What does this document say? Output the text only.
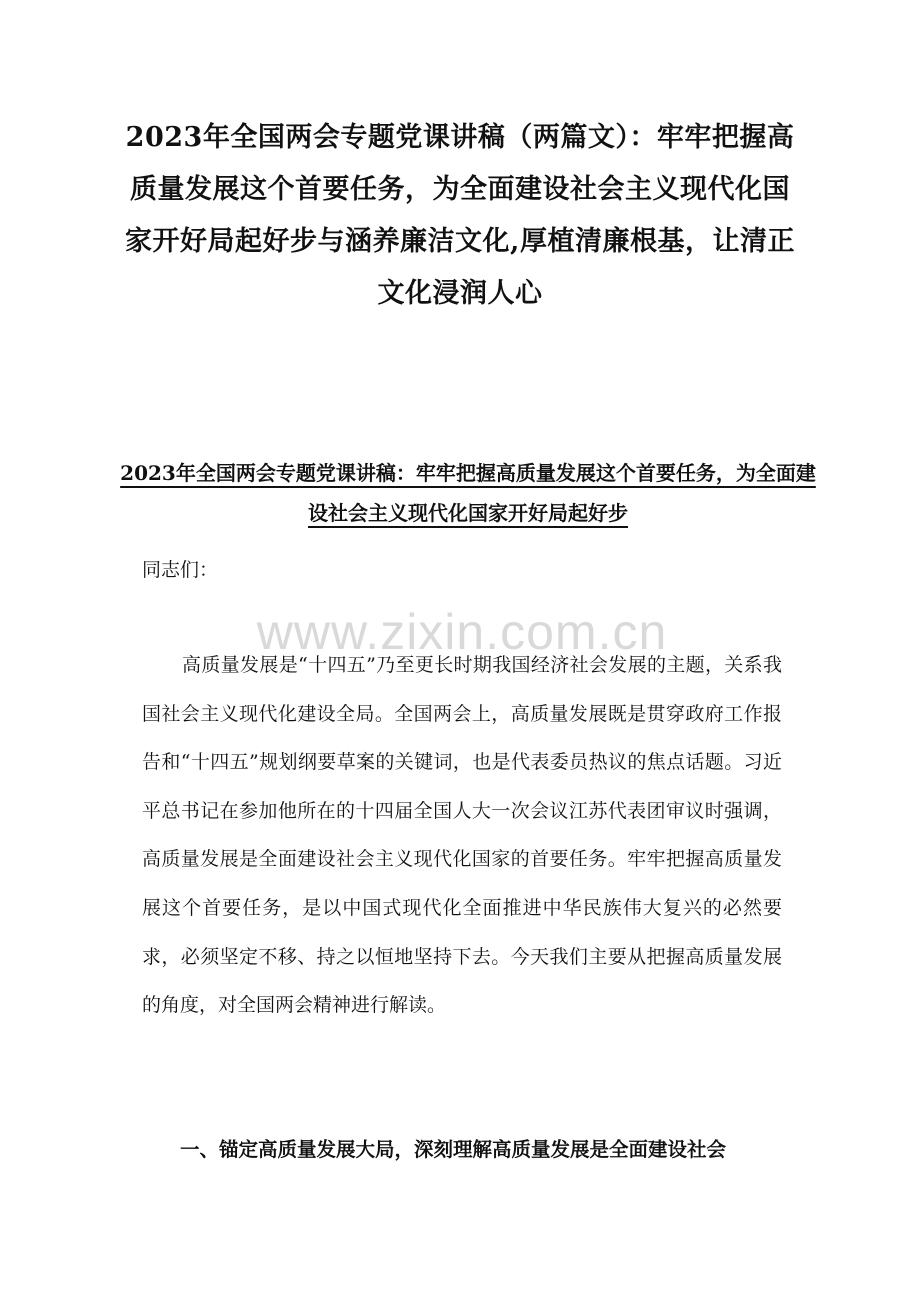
2023年全国两会专题党课讲稿（两篇文）：牢牢把握高质量发展这个首要任务，为全面建设社会主义现代化国家开好局起好步与涵养廉洁文化,厚植清廉根基，让清正文化浸润人心
2023年全国两会专题党课讲稿：牢牢把握高质量发展这个首要任务，为全面建设社会主义现代化国家开好局起好步

同志们：

www.zixin.com.cn

高质量发展是“十四五”乃至更长时期我国经济社会发展的主题，关系我国社会主义现代化建设全局。全国两会上，高质量发展既是贯穿政府工作报告和“十四五”规划纲要草案的关键词，也是代表委员热议的焦点话题。习近平总书记在参加他所在的十四届全国人大一次会议江苏代表团审议时强调，高质量发展是全面建设社会主义现代化国家的首要任务。牢牢把握高质量发展这个首要任务，是以中国式现代化全面推进中华民族伟大复兴的必然要求，必须坚定不移、持之以恒地坚持下去。今天我们主要从把握高质量发展的角度，对全国两会精神进行解读。

一、锚定高质量发展大局，深刻理解高质量发展是全面建设社会
